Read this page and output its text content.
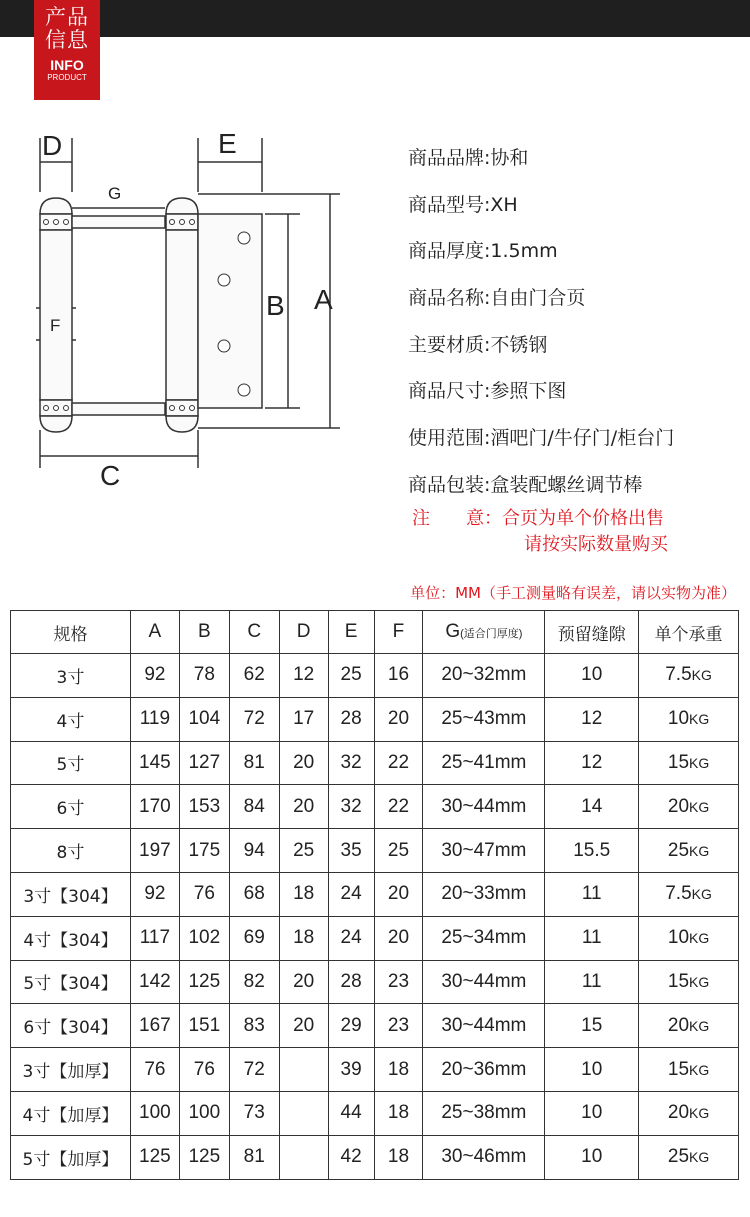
产品
信息
INFO
PRODUCT
D	E
G
F
B A
C
商品品牌:协和
商品型号:XH
商品厚度:1.5mm
商品名称:自由门合页
主要材质:不锈钢
商品尺寸:参照下图
使用范围:酒吧门/牛仔门/柜台门
商品包装:盒装配螺丝调节棒
注　　意：合页为单个价格出售
请按实际数量购买
单位：MM（手工测量略有误差，请以实物为准）
规格	A	B	C	D	E	F	G(适合门厚度)	预留缝隙	单个承重
3寸	92	78	62	12	25	16	20~32mm	10	7.5KG
4寸	119	104	72	17	28	20	25~43mm	12	10KG
5寸	145	127	81	20	32	22	25~41mm	12	15KG
6寸	170	153	84	20	32	22	30~44mm	14	20KG
8寸	197	175	94	25	35	25	30~47mm	15.5	25KG
3寸【304】	92	76	68	18	24	20	20~33mm	11	7.5KG
4寸【304】	117	102	69	18	24	20	25~34mm	11	10KG
5寸【304】	142	125	82	20	28	23	30~44mm	11	15KG
6寸【304】	167	151	83	20	29	23	30~44mm	15	20KG
3寸【加厚】	76	76	72		39	18	20~36mm	10	15KG
4寸【加厚】	100	100	73		44	18	25~38mm	10	20KG
5寸【加厚】	125	125	81		42	18	30~46mm	10	25KG
